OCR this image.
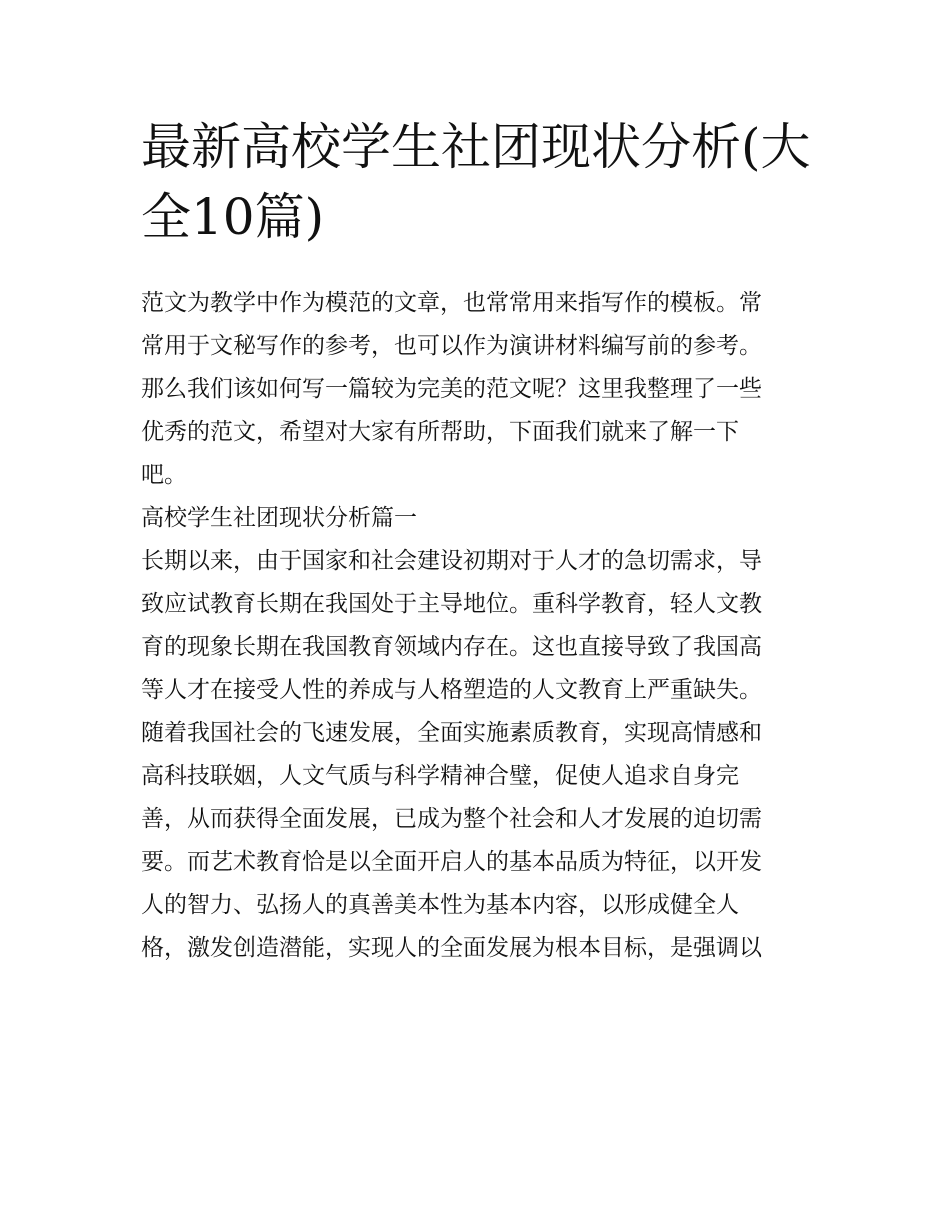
最新高校学生社团现状分析(大
全10篇)
范文为教学中作为模范的文章，也常常用来指写作的模板。常
常用于文秘写作的参考，也可以作为演讲材料编写前的参考。
那么我们该如何写一篇较为完美的范文呢？这里我整理了一些
优秀的范文，希望对大家有所帮助，下面我们就来了解一下
吧。
高校学生社团现状分析篇一
长期以来，由于国家和社会建设初期对于人才的急切需求，导
致应试教育长期在我国处于主导地位。重科学教育，轻人文教
育的现象长期在我国教育领域内存在。这也直接导致了我国高
等人才在接受人性的养成与人格塑造的人文教育上严重缺失。
随着我国社会的飞速发展，全面实施素质教育，实现高情感和
高科技联姻，人文气质与科学精神合璧，促使人追求自身完
善，从而获得全面发展，已成为整个社会和人才发展的迫切需
要。而艺术教育恰是以全面开启人的基本品质为特征，以开发
人的智力、弘扬人的真善美本性为基本内容，以形成健全人
格，激发创造潜能，实现人的全面发展为根本目标，是强调以
